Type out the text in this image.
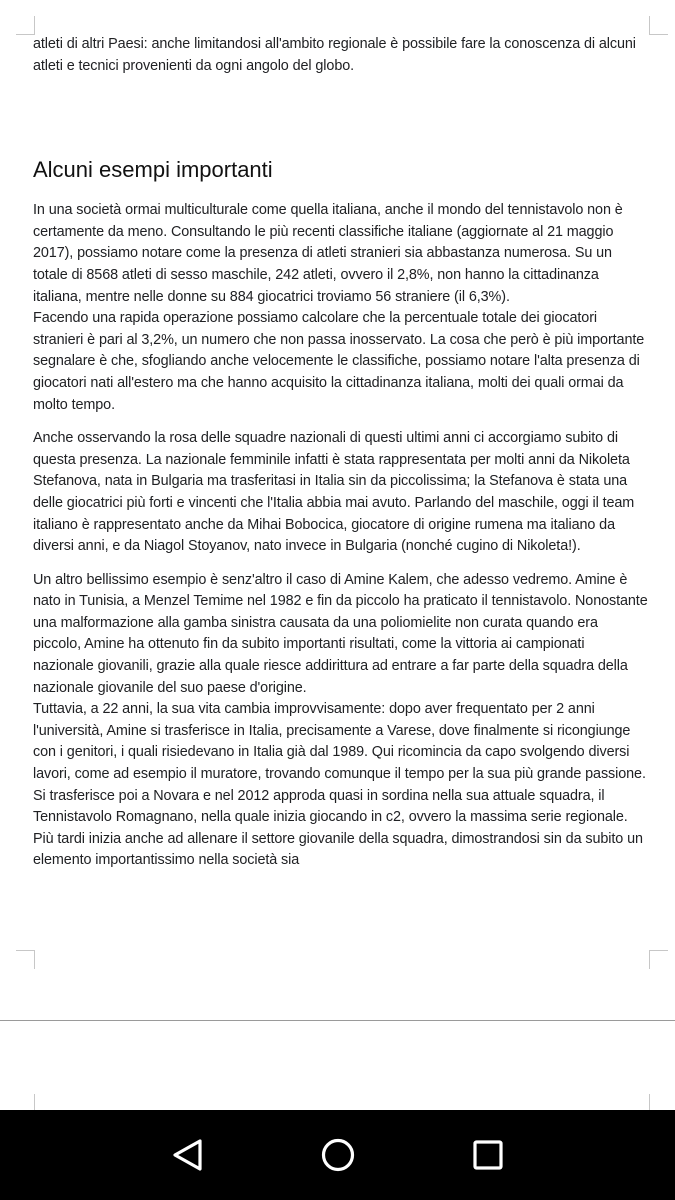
atleti di altri Paesi: anche limitandosi all'ambito regionale è possibile fare la conoscenza di alcuni atleti e tecnici provenienti da ogni angolo del globo.

Alcuni esempi importanti

In una società ormai multiculturale come quella italiana, anche il mondo del tennistavolo non è certamente da meno. Consultando le più recenti classifiche italiane (aggiornate al 21 maggio 2017), possiamo notare come la presenza di atleti stranieri sia abbastanza numerosa. Su un totale di 8568 atleti di sesso maschile, 242 atleti, ovvero il 2,8%, non hanno la cittadinanza italiana, mentre nelle donne su 884 giocatrici troviamo 56 straniere (il 6,3%).

Facendo una rapida operazione possiamo calcolare che la percentuale totale dei giocatori stranieri è pari al 3,2%, un numero che non passa inosservato. La cosa che però è più importante segnalare è che, sfogliando anche velocemente le classifiche, possiamo notare l'alta presenza di giocatori nati all'estero ma che hanno acquisito la cittadinanza italiana, molti dei quali ormai da molto tempo.

Anche osservando la rosa delle squadre nazionali di questi ultimi anni ci accorgiamo subito di questa presenza. La nazionale femminile infatti è stata rappresentata per molti anni da Nikoleta Stefanova, nata in Bulgaria ma trasferitasi in Italia sin da piccolissima; la Stefanova è stata una delle giocatrici più forti e vincenti che l'Italia abbia mai avuto. Parlando del maschile, oggi il team italiano è rappresentato anche da Mihai Bobocica, giocatore di origine rumena ma italiano da diversi anni, e da Niagol Stoyanov, nato invece in Bulgaria (nonché cugino di Nikoleta!).

Un altro bellissimo esempio è senz'altro il caso di Amine Kalem, che adesso vedremo. Amine è nato in Tunisia, a Menzel Temime nel 1982 e fin da piccolo ha praticato il tennistavolo. Nonostante una malformazione alla gamba sinistra causata da una poliomielite non curata quando era piccolo, Amine ha ottenuto fin da subito importanti risultati, come la vittoria ai campionati nazionale giovanili, grazie alla quale riesce addirittura ad entrare a far parte della squadra della nazionale giovanile del suo paese d'origine.

Tuttavia, a 22 anni, la sua vita cambia improvvisamente: dopo aver frequentato per 2 anni l'università, Amine si trasferisce in Italia, precisamente a Varese, dove finalmente si ricongiunge con i genitori, i quali risiedevano in Italia già dal 1989. Qui ricomincia da capo svolgendo diversi lavori, come ad esempio il muratore, trovando comunque il tempo per la sua più grande passione. Si trasferisce poi a Novara e nel 2012 approda quasi in sordina nella sua attuale squadra, il Tennistavolo Romagnano, nella quale inizia giocando in c2, ovvero la massima serie regionale. Più tardi inizia anche ad allenare il settore giovanile della squadra, dimostrandosi sin da subito un elemento importantissimo nella società sia
